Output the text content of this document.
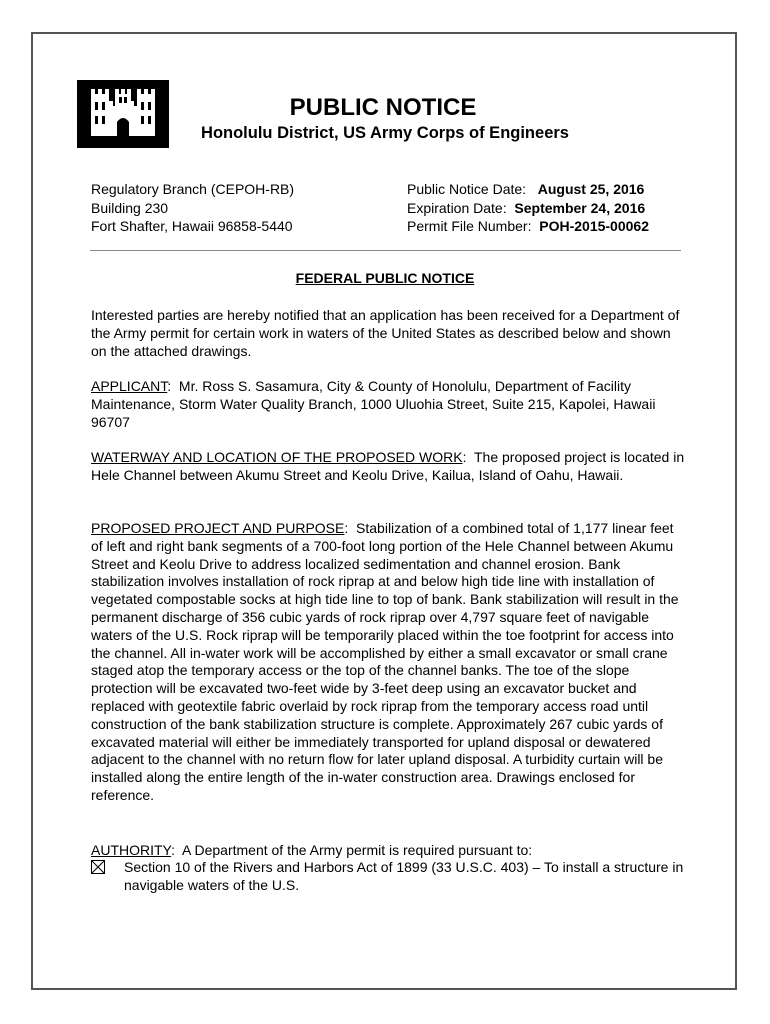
PUBLIC NOTICE
Honolulu District, US Army Corps of Engineers
Regulatory Branch (CEPOH-RB)
Building 230
Fort Shafter, Hawaii 96858-5440
Public Notice Date: August 25, 2016
Expiration Date: September 24, 2016
Permit File Number: POH-2015-00062
FEDERAL PUBLIC NOTICE
Interested parties are hereby notified that an application has been received for a Department of the Army permit for certain work in waters of the United States as described below and shown on the attached drawings.
APPLICANT:  Mr. Ross S. Sasamura, City & County of Honolulu, Department of Facility Maintenance, Storm Water Quality Branch, 1000 Uluohia Street, Suite 215, Kapolei, Hawaii 96707
WATERWAY AND LOCATION OF THE PROPOSED WORK:  The proposed project is located in Hele Channel between Akumu Street and Keolu Drive, Kailua, Island of Oahu, Hawaii.
PROPOSED PROJECT AND PURPOSE:  Stabilization of a combined total of 1,177 linear feet of left and right bank segments of a 700-foot long portion of the Hele Channel between Akumu Street and Keolu Drive to address localized sedimentation and channel erosion. Bank stabilization involves installation of rock riprap at and below high tide line with installation of vegetated compostable socks at high tide line to top of bank. Bank stabilization will result in the permanent discharge of 356 cubic yards of rock riprap over 4,797 square feet of navigable waters of the U.S. Rock riprap will be temporarily placed within the toe footprint for access into the channel. All in-water work will be accomplished by either a small excavator or small crane staged atop the temporary access or the top of the channel banks. The toe of the slope protection will be excavated two-feet wide by 3-feet deep using an excavator bucket and replaced with geotextile fabric overlaid by rock riprap from the temporary access road until construction of the bank stabilization structure is complete. Approximately 267 cubic yards of excavated material will either be immediately transported for upland disposal or dewatered adjacent to the channel with no return flow for later upland disposal. A turbidity curtain will be installed along the entire length of the in-water construction area. Drawings enclosed for reference.
AUTHORITY:  A Department of the Army permit is required pursuant to:
Section 10 of the Rivers and Harbors Act of 1899 (33 U.S.C. 403) – To install a structure in navigable waters of the U.S.
